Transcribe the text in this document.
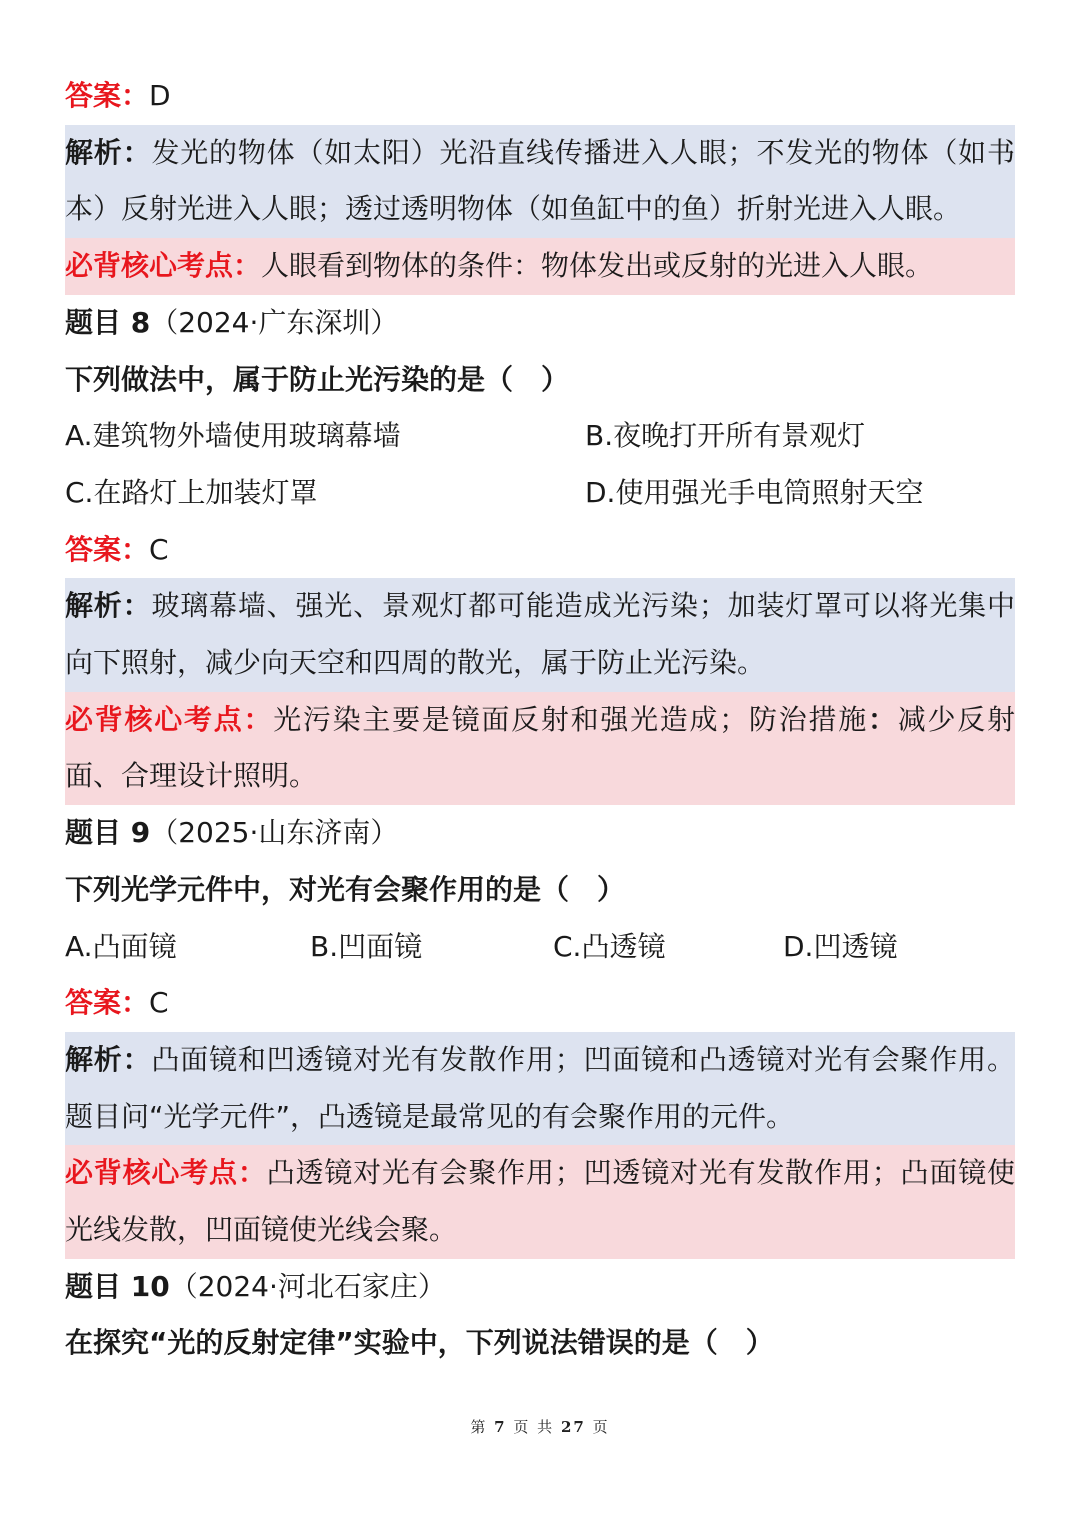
答案：D
解析：发光的物体（如太阳）光沿直线传播进入人眼；不发光的物体（如书本）反射光进入人眼；透过透明物体（如鱼缸中的鱼）折射光进入人眼。
必背核心考点：人眼看到物体的条件：物体发出或反射的光进入人眼。
题目 8（2024·广东深圳）
下列做法中，属于防止光污染的是（　）
A.建筑物外墙使用玻璃幕墙	B.夜晚打开所有景观灯
C.在路灯上加装灯罩	D.使用强光手电筒照射天空
答案：C
解析：玻璃幕墙、强光、景观灯都可能造成光污染；加装灯罩可以将光集中向下照射，减少向天空和四周的散光，属于防止光污染。
必背核心考点：光污染主要是镜面反射和强光造成；防治措施：减少反射面、合理设计照明。
题目 9（2025·山东济南）
下列光学元件中，对光有会聚作用的是（　）
A.凸面镜	B.凹面镜	C.凸透镜	D.凹透镜
答案：C
解析：凸面镜和凹透镜对光有发散作用；凹面镜和凸透镜对光有会聚作用。题目问“光学元件”，凸透镜是最常见的有会聚作用的元件。
必背核心考点：凸透镜对光有会聚作用；凹透镜对光有发散作用；凸面镜使光线发散，凹面镜使光线会聚。
题目 10（2024·河北石家庄）
在探究“光的反射定律”实验中，下列说法错误的是（　）
第 7 页 共 27 页
